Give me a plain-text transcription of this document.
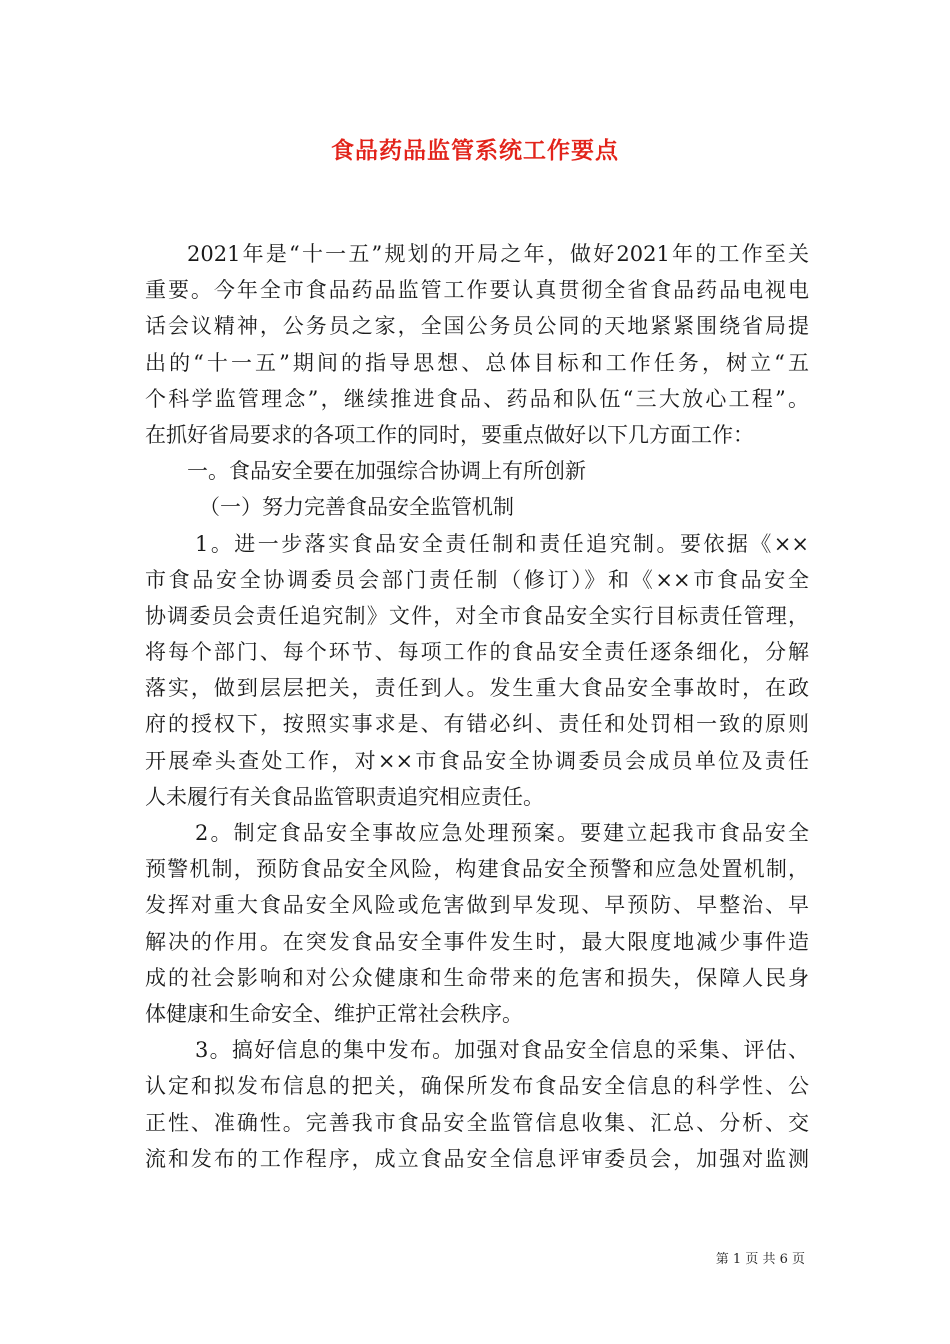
食品药品监管系统工作要点
2021年是“十一五”规划的开局之年，做好2021年的工作至关
重要。今年全市食品药品监管工作要认真贯彻全省食品药品电视电
话会议精神，公务员之家，全国公务员公同的天地紧紧围绕省局提
出的“十一五”期间的指导思想、总体目标和工作任务，树立“五
个科学监管理念”，继续推进食品、药品和队伍“三大放心工程”。
在抓好省局要求的各项工作的同时，要重点做好以下几方面工作：
一。食品安全要在加强综合协调上有所创新
（一）努力完善食品安全监管机制
1。进一步落实食品安全责任制和责任追究制。要依据《××
市食品安全协调委员会部门责任制（修订）》和《××市食品安全
协调委员会责任追究制》文件，对全市食品安全实行目标责任管理，
将每个部门、每个环节、每项工作的食品安全责任逐条细化，分解
落实，做到层层把关，责任到人。发生重大食品安全事故时，在政
府的授权下，按照实事求是、有错必纠、责任和处罚相一致的原则
开展牵头查处工作，对××市食品安全协调委员会成员单位及责任
人未履行有关食品监管职责追究相应责任。
2。制定食品安全事故应急处理预案。要建立起我市食品安全
预警机制，预防食品安全风险，构建食品安全预警和应急处置机制，
发挥对重大食品安全风险或危害做到早发现、早预防、早整治、早
解决的作用。在突发食品安全事件发生时，最大限度地减少事件造
成的社会影响和对公众健康和生命带来的危害和损失，保障人民身
体健康和生命安全、维护正常社会秩序。
3。搞好信息的集中发布。加强对食品安全信息的采集、评估、
认定和拟发布信息的把关，确保所发布食品安全信息的科学性、公
正性、准确性。完善我市食品安全监管信息收集、汇总、分析、交
流和发布的工作程序，成立食品安全信息评审委员会，加强对监测
第 1 页 共 6 页
